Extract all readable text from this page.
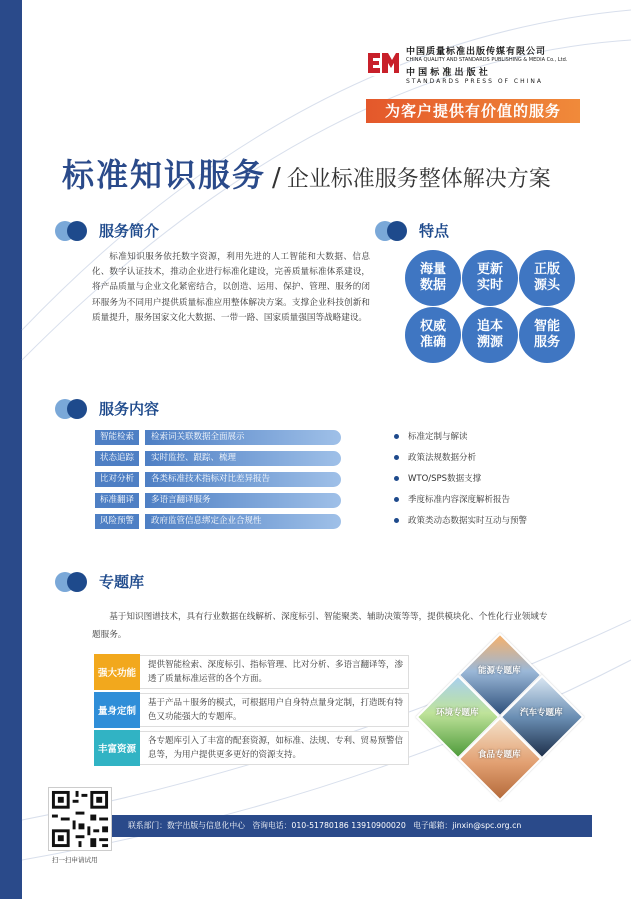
中国质量标准出版传媒有限公司
CHINA QUALITY AND STANDARDS PUBLISHING & MEDIA Co., Ltd.
中 国 标 准 出 版 社
STANDARDS PRESS OF CHINA
为客户提供有价值的服务
标准知识服务 / 企业标准服务整体解决方案
服务简介
标准知识服务依托数字资源，利用先进的人工智能和大数据、信息化、数字认证技术，推动企业进行标准化建设，完善质量标准体系建设，将产品质量与企业文化紧密结合，以创造、运用、保护、管理、服务的闭环服务为不同用户提供质量标准应用整体解决方案。支撑企业科技创新和质量提升，服务国家文化大数据、一带一路、国家质量强国等战略建设。
特点
海量数据
更新实时
正版源头
权威准确
追本溯源
智能服务
服务内容
智能检索	检索词关联数据全面展示
状态追踪	实时监控、跟踪、梳理
比对分析	各类标准技术指标对比差异报告
标准翻译	多语言翻译服务
风险预警	政府监管信息绑定企业合规性
标准定制与解读
政策法规数据分析
WTO/SPS数据支撑
季度标准内容深度解析报告
政策类动态数据实时互动与预警
专题库
基于知识图谱技术，具有行业数据在线解析、深度标引、智能聚类、辅助决策等等，提供模块化、个性化行业领域专题服务。
强大功能
提供智能检索、深度标引、指标管理、比对分析、多语言翻译等，渗透了质量标准运营的各个方面。
量身定制
基于产品＋服务的模式，可根据用户自身特点量身定制，打造既有特色又功能强大的专题库。
丰富资源
各专题库引入了丰富的配套资源，如标准、法规、专利、贸易预警信息等，为用户提供更多更好的资源支持。
能源专题库
环境专题库	汽车专题库
食品专题库
联系部门：数字出版与信息化中心 咨询电话：010-51780186 13910900020 电子邮箱：jinxin@spc.org.cn
扫一扫申请试用
